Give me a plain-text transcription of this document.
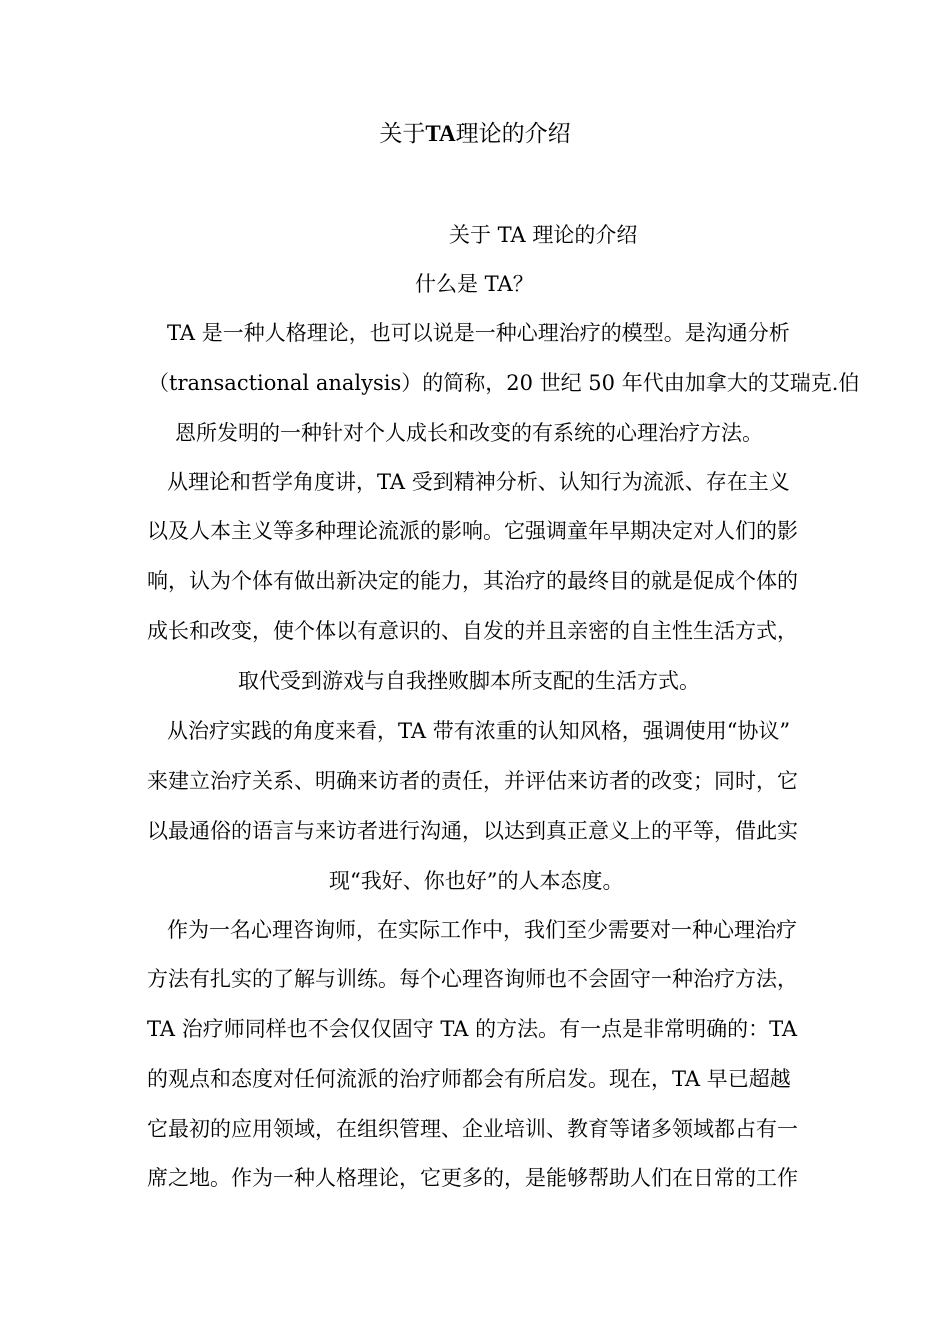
关于TA理论的介绍
关于 TA 理论的介绍
什么是 TA？
TA 是一种人格理论，也可以说是一种心理治疗的模型。是沟通分析
（transactional analysis）的简称，20 世纪 50 年代由加拿大的艾瑞克.伯
恩所发明的一种针对个人成长和改变的有系统的心理治疗方法。
从理论和哲学角度讲，TA 受到精神分析、认知行为流派、存在主义
以及人本主义等多种理论流派的影响。它强调童年早期决定对人们的影
响，认为个体有做出新决定的能力，其治疗的最终目的就是促成个体的
成长和改变，使个体以有意识的、自发的并且亲密的自主性生活方式，
取代受到游戏与自我挫败脚本所支配的生活方式。
从治疗实践的角度来看，TA 带有浓重的认知风格，强调使用“协议”
来建立治疗关系、明确来访者的责任，并评估来访者的改变；同时，它
以最通俗的语言与来访者进行沟通，以达到真正意义上的平等，借此实
现“我好、你也好”的人本态度。
作为一名心理咨询师，在实际工作中，我们至少需要对一种心理治疗
方法有扎实的了解与训练。每个心理咨询师也不会固守一种治疗方法，
TA 治疗师同样也不会仅仅固守 TA 的方法。有一点是非常明确的：TA
的观点和态度对任何流派的治疗师都会有所启发。现在，TA 早已超越
它最初的应用领域，在组织管理、企业培训、教育等诸多领域都占有一
席之地。作为一种人格理论，它更多的，是能够帮助人们在日常的工作
